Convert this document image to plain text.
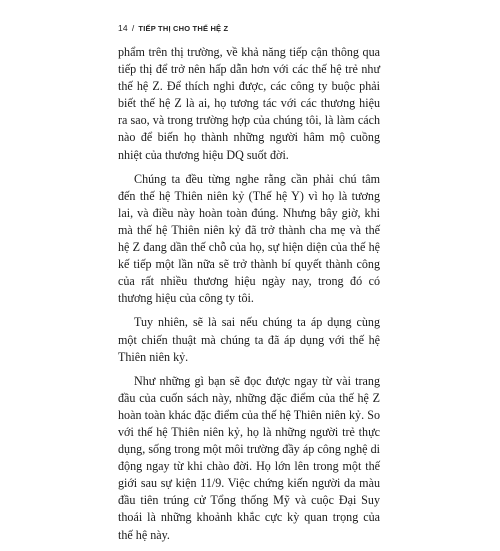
14 / TIẾP THỊ CHO THẾ HỆ Z

phẩm trên thị trường, về khả năng tiếp cận thông qua tiếp thị để trở nên hấp dẫn hơn với các thế hệ trẻ như thế hệ Z. Để thích nghi được, các công ty buộc phải biết thế hệ Z là ai, họ tương tác với các thương hiệu ra sao, và trong trường hợp của chúng tôi, là làm cách nào để biến họ thành những người hâm mộ cuồng nhiệt của thương hiệu DQ suốt đời.

Chúng ta đều từng nghe rằng cần phải chú tâm đến thế hệ Thiên niên kỷ (Thế hệ Y) vì họ là tương lai, và điều này hoàn toàn đúng. Nhưng bây giờ, khi mà thế hệ Thiên niên kỷ đã trở thành cha mẹ và thế hệ Z đang dần thế chỗ của họ, sự hiện diện của thế hệ kế tiếp một lần nữa sẽ trở thành bí quyết thành công của rất nhiều thương hiệu ngày nay, trong đó có thương hiệu của công ty tôi.

Tuy nhiên, sẽ là sai nếu chúng ta áp dụng cùng một chiến thuật mà chúng ta đã áp dụng với thế hệ Thiên niên kỷ.

Như những gì bạn sẽ đọc được ngay từ vài trang đầu của cuốn sách này, những đặc điểm của thế hệ Z hoàn toàn khác đặc điểm của thế hệ Thiên niên kỷ. So với thế hệ Thiên niên kỷ, họ là những người trẻ thực dụng, sống trong một môi trường đầy áp công nghệ di động ngay từ khi chào đời. Họ lớn lên trong một thế giới sau sự kiện 11/9. Việc chứng kiến người da màu đầu tiên trúng cử Tổng thống Mỹ và cuộc Đại Suy thoái là những khoảnh khắc cực kỳ quan trọng của thế hệ này.
